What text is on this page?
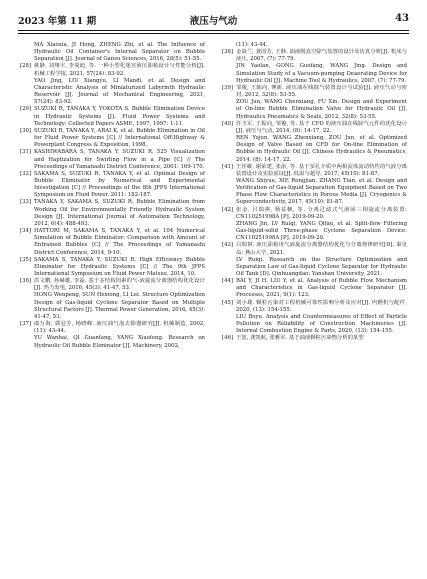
2023 年第 11 期	液压与气动	43

MA Xiaoxia, JI Hong, ZHENG Zhi, et al. The Influence of Hydraulic Oil Container's Internal Separator on Bubble Separation [J]. Journal of Gansu Sciences, 2016, 28(5): 51-55.

[28] 姚静, 刘翔宇, 李曼迪, 等. 一种小型化迷宫液压油箱设计与性能分析[J]. 机械工程学报, 2021, 57(24): 83-92.

YAO Jing, LIU Xiangyu, LI Mandi, et al. Design and Characteristic Analysis of Miniaturized Labyrinth Hydraulic Reservoir [J]. Journal of Mechanical Engineering, 2021, 57(24): 83-92.

[29] SUZUKI R, TANAKA Y, YOKOTA S. Bubble Elimination Device in Hydraulic Systems [J]. Fluid Power Systems and Technology: Collected Papers ASME, 1997, 1997: 1-11.

[30] SUZUKI R, TANAKA Y, ARAI K, et al. Bubble Elimination in Oil for Fluid Power Systems [C] // International Off-Highway & Powerplant Congress & Exposition, 1998.

[31] KASHIWABARA S, TANAKA Y, SUZUKI R. 525 Visualization and Haptization for Swirling Flow in a Pipe [C] // The Proceedings of Yamanashi District Conference, 2001: 169-170.

[32] SAKAMA S, SUZUKI R, TANAKA Y, et al. Optimal Design of Bubble Eliminator by Numerical and Experimental Investigation [C] // Proceedings of the 8th JFPS International Symposium on Fluid Power. 2011: 182-187.

[33] TANAKA Y, SAKAMA S, SUZUKI R. Bubble Elimination from Working Oil for Environmentally Friendly Hydraulic System Design [J]. International Journal of Automation Technology, 2012, 6(4): 488-493.

[34] HATTORI M, SAKAMA S, TANAKA Y, et al. 104 Numerical Simulation of Bubble Eliminator: Comparison with Amount of Entrained Bubbles [C] // The Proceedings of Yamanashi District Conference, 2014, 9-10.

[35] SAKAMA S, TANAKA Y, SUZUKI R. High Efficiency Bubble Eliminator for Hydraulic Systems [C] // The 9th JFPS International Symposium on Fluid Power Matsue, 2014, 10.

[36] 洪文鹏, 孙赫雄, 李磊. 基于多结构因素的气-液旋流分离器结构优化设计[J]. 热力发电, 2016, 45(3): 41-47, 53.

HONG Wenpeng, SUN Hexiong, LI Lei. Structure Optimization Design of Gas-liquid Cyclone Separator Based on Multiple Structural Factors [J]. Thermal Power Generation, 2016, 45(3): 41-47, 53.

[37] 虞万海, 郭冠芳, 杨晓峰. 液压油气泡去除器研究[J]. 机械制造, 2002, (11): 43-44.

YU Wanhai, QI Guanfang, YANG Xiaofeng. Research on Hydraulic Oil Bubble Eliminator [J]. Machinery, 2002,

(11): 43-44.

[38] 金焱兰, 龚国芳, 王静. 油液脱真空除气装置的设计及仿真分析[J]. 机床与液压, 2007, (7): 77-79.

JIN Yaolan, GONG Guofang, WANG Jing. Design and Simulation Study of a Vacuum-pumping Deaerating Device for Hydraulic Oil [J]. Machine Tool & Hydraulics, 2007, (7): 77-79.

[39] 邹俊, 王陈向, 傅新. 液压油在线除气装置设计与试验[J]. 液压气动与密封, 2012, 32(8): 53-55.

ZOU Jun, WANG Chenxiang, FU Xin. Design and Experiment of On-line Bubble Elimination Valve for Hydraulic Oil [J]. Hydraulics Pneumatics & Seals, 2012, 32(8): 53-55.

[40] 任玉军, 王振向, 邹俊, 等. 基于 CFD 的液压油在线除气元件的优化设计[J]. 液压与气动, 2014, (8): 14-17, 22.

REN Yujun, WANG Zhenxiang, ZOU Jun, et al. Optimized Design of Valve Based on CFD for On-line Elimination of Bubble in Hydraulic Oil [J]. Chinese Hydraulics & Pneumatics, 2014, (8): 14-17, 22.

[41] 王佳維, 谢荣建, 张添, 等. 基于多孔介质中两相流体流动特性的气液分离装置设计及实验验证[J]. 低温与超导, 2017, 45(10): 81-87.

WANG Shiyue, XIE Rongjian, ZHANG Tian, et al. Design and Verification of Gas-liquid Separation Equipment Based on Two Phase Flow Characteristics in Porous Media [J]. Cryogenics & Superconductivity, 2017, 45(10): 81-87.

[42] 张金, 吕瑞祺, 杨益枫, 等. 分离过滤式气液固三相旋流分离装置: CN110251998A [P]. 2019-09-20.

ZHANG Jin, LV Ruiqi, YANG Qifan, et al. Split-flow Filtering Gas-liquid-solid Three-phase Cyclone Separation Device: CN110251998A [P]. 2019-09-20.

[43] 吕瑞祺. 液压油箱用气液旋流分离器结构优化与分离规律研究[D]. 秦皇岛: 燕山大学, 2021.

LV Ruiqi. Research on the Structure Optimization and Separation Law of Gas-liquid Cyclone Separator for Hydraulic Oil Tank [D]. Qinhuangdao: Yanshan University, 2021.

[44] BAI Y, JI H, LIU Y, et al. Analysis of Bubble Flow Mechanism and Characteristics in Gas-liquid Cyclone Separator [J]. Processes, 2021, 9(1): 123.

[45] 刘小雄. 颗粒污染对工程机械可靠性影响分析及应对[J]. 内燃机与配件, 2020, (13): 154-155.

LIU Boyu. Analysis and Countermeasures of Effect of Particle Pollution on Reliability of Construction Machineries [J]. Internal Combustion Engine & Parts, 2020, (13): 154-155.

[46] 王宽, 龚凯航, 张雅军. 基于油液颗粒污染物分析的某型
